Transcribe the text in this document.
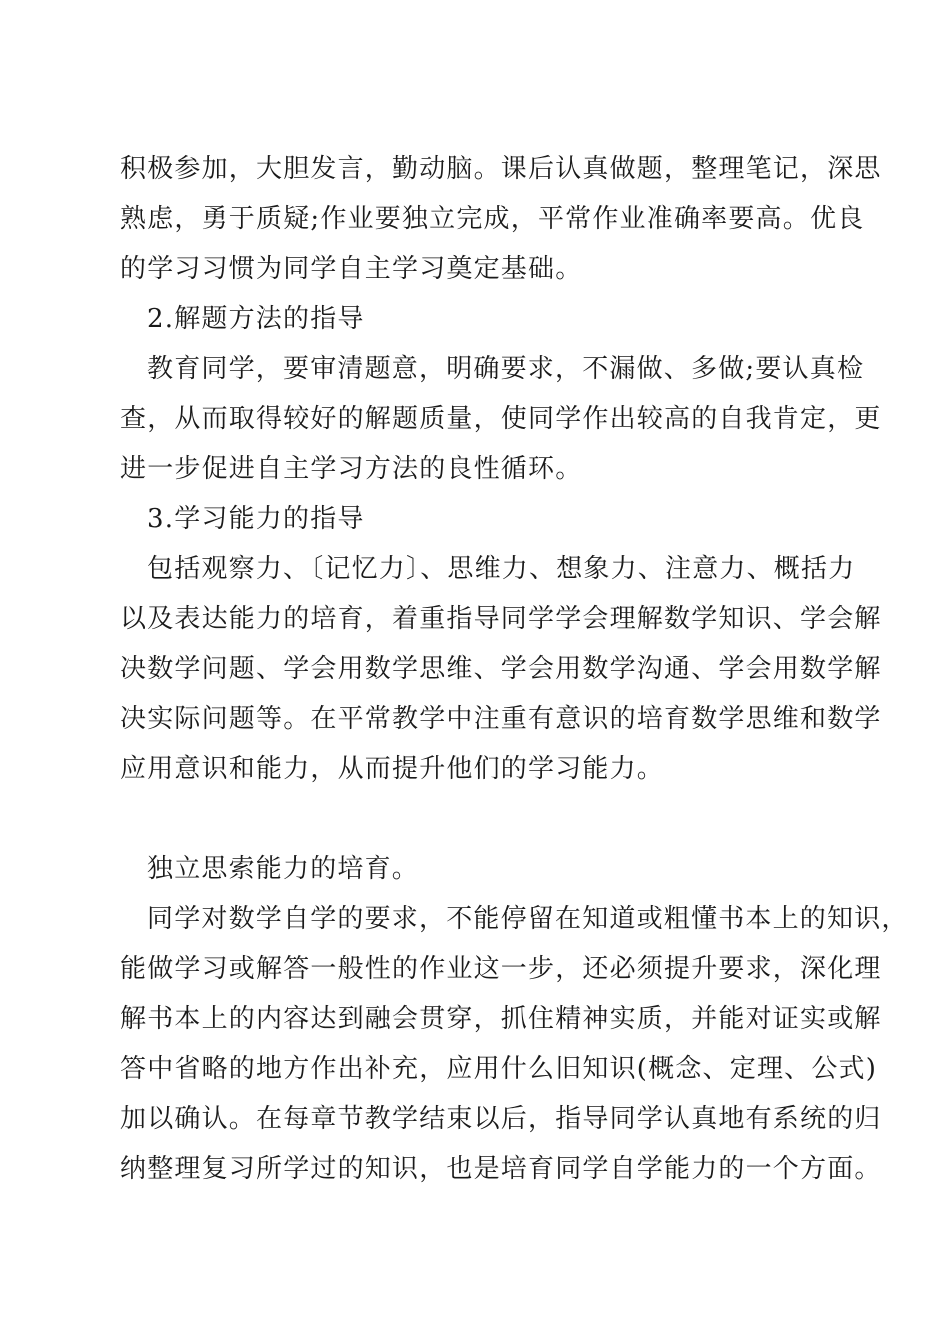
积极参加，大胆发言，勤动脑。课后认真做题，整理笔记，深思
熟虑，勇于质疑;作业要独立完成，平常作业准确率要高。优良
的学习习惯为同学自主学习奠定基础。
2.解题方法的指导
教育同学，要审清题意，明确要求，不漏做、多做;要认真检
查，从而取得较好的解题质量，使同学作出较高的自我肯定，更
进一步促进自主学习方法的良性循环。
3.学习能力的指导
包括观察力、〔记忆力〕、思维力、想象力、注意力、概括力
以及表达能力的培育，着重指导同学学会理解数学知识、学会解
决数学问题、学会用数学思维、学会用数学沟通、学会用数学解
决实际问题等。在平常教学中注重有意识的培育数学思维和数学
应用意识和能力，从而提升他们的学习能力。
独立思索能力的培育。
同学对数学自学的要求，不能停留在知道或粗懂书本上的知识，
能做学习或解答一般性的作业这一步，还必须提升要求，深化理
解书本上的内容达到融会贯穿，抓住精神实质，并能对证实或解
答中省略的地方作出补充，应用什么旧知识(概念、定理、公式)
加以确认。在每章节教学结束以后，指导同学认真地有系统的归
纳整理复习所学过的知识，也是培育同学自学能力的一个方面。
